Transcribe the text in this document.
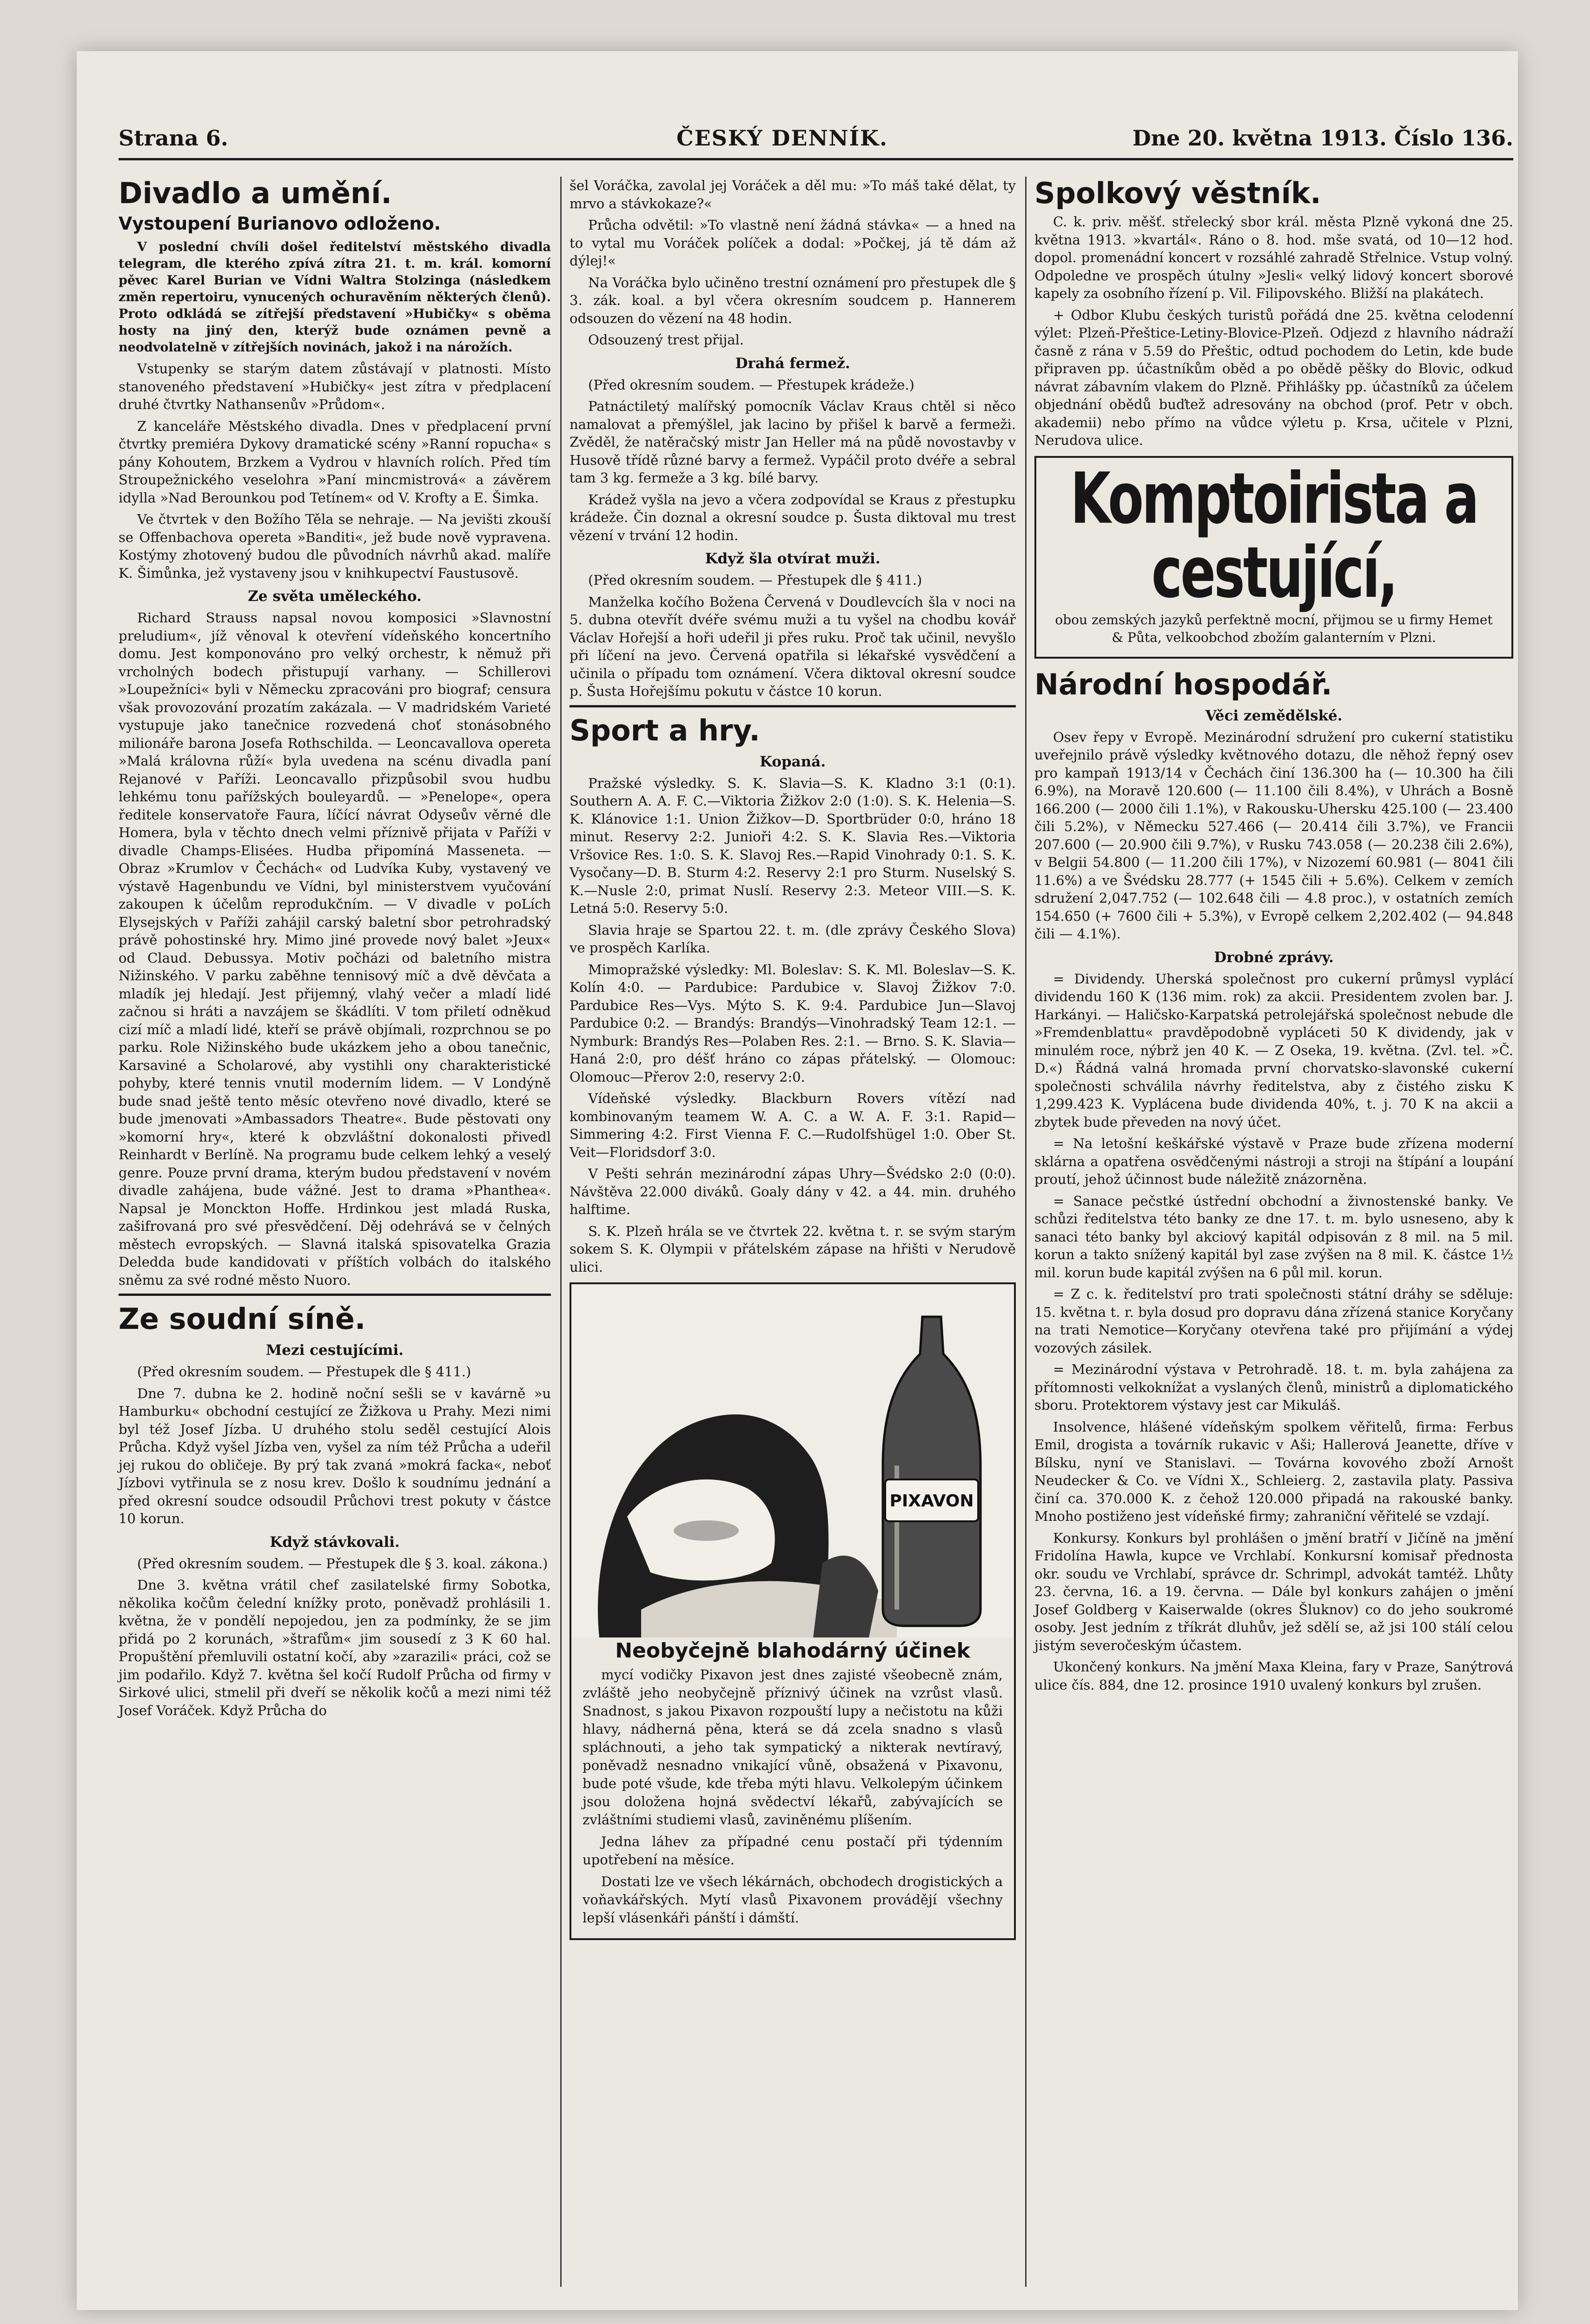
Strana 6.	ČESKÝ DENNÍK.	Dne 20. května 1913. Číslo 136.
Divadlo a umění.
Vystoupení Burianovo odloženo.

V poslední chvíli došel ředitelství městského divadla telegram, dle kterého zpívá zítra 21. t. m. král. komorní pěvec Karel Burian ve Vídni Waltra Stolzinga (následkem změn repertoiru, vynucených ochuravěním některých členů). Proto odkládá se zítřejší představení »Hubičky« s oběma hosty na jiný den, kterýž bude oznámen pevně a neodvolatelně v zítřejších novinách, jakož i na nárožích.

Vstupenky se starým datem zůstávají v platnosti. Místo stanoveného představení »Hubičky« jest zítra v předplacení druhé čtvrtky Nathansenův »Průdom«.

Z kanceláře Městského divadla. Dnes v předplacení první čtvrtky premiéra Dykovy dramatické scény »Ranní ropucha« s pány Kohoutem, Brzkem a Vydrou v hlavních rolích. Před tím Stroupežnického veselohra »Paní mincmistrová« a závěrem idylla »Nad Berounkou pod Tetínem« od V. Krofty a E. Šimka.

Ve čtvrtek v den Božího Těla se nehraje. — Na jevišti zkouší se Offenbachova opereta »Banditi«, jež bude nově vypravena. Kostýmy zhotovený budou dle původních návrhů akad. malíře K. Šimůnka, jež vystaveny jsou v knihkupectví Faustusově.

Ze světa uměleckého.

Richard Strauss napsal novou komposici »Slavnostní preludium«, jíž věnoval k otevření vídeňského koncertního domu. Jest komponováno pro velký orchestr, k němuž při vrcholných bodech přistupují varhany. — Schillerovi »Loupežníci« byli v Německu zpracováni pro biograf; censura však provozování prozatím zakázala. — V madridském Varieté vystupuje jako tanečnice rozvedená choť stonásobného milionáře barona Josefa Rothschilda. — Leoncavallova opereta »Malá královna růží« byla uvedena na scénu divadla paní Rejanové v Paříži. Leoncavallo přizpůsobil svou hudbu lehkému tonu pařížských bouleyardů. — »Penelope«, opera ředitele konservatoře Faura, líčící návrat Odyseův věrné dle Homera, byla v těchto dnech velmi příznivě přijata v Paříži v divadle Champs-Elisées. Hudba připomíná Masseneta. — Obraz »Krumlov v Čechách« od Ludvíka Kuby, vystavený ve výstavě Hagenbundu ve Vídni, byl ministerstvem vyučování zakoupen k účelům reprodukčním. — V divadle v poLích Elysejských v Paříži zahájil carský baletní sbor petrohradský právě pohostinské hry. Mimo jiné provede nový balet »Jeux« od Claud. Debussya. Motiv počházi od baletního mistra Nižinského. V parku zaběhne tennisový míč a dvě děvčata a mladík jej hledají. Jest přijemný, vlahý večer a mladí lidé začnou si hráti a navzájem se škádlíti. V tom přiletí odněkud cizí míč a mladí lidé, kteří se právě objímali, rozprchnou se po parku. Role Nižinského bude ukázkem jeho a obou tanečnic, Karsaviné a Scholarové, aby vystihli ony charakteristické pohyby, které tennis vnutil moderním lidem. — V Londýně bude snad ještě tento měsíc otevřeno nové divadlo, které se bude jmenovati »Ambassadors Theatre«. Bude pěstovati ony »komorní hry«, které k obzvláštní dokonalosti přivedl Reinhardt v Berlíně. Na programu bude celkem lehký a veselý genre. Pouze první drama, kterým budou představení v novém divadle zahájena, bude vážné. Jest to drama »Phantheа«. Napsal je Monckton Hoffe. Hrdinkou jest mladá Ruska, zašifrovaná pro své přesvědčení. Děj odehrává se v čelných městech evropských. — Slavná italská spisovatelka Grazia Deledda bude kandidovati v příštích volbách do italského sněmu za své rodné město Nuoro.

Ze soudní síně.
Mezi cestujícími.

(Před okresním soudem. — Přestupek dle § 411.)

Dne 7. dubna ke 2. hodině noční sešli se v kavárně »u Hamburku« obchodní cestující ze Žižkova u Prahy. Mezi nimi byl též Josef Jízba. U druhého stolu seděl cestující Alois Průcha. Když vyšel Jízba ven, vyšel za ním též Průcha a udeřil jej rukou do obličeje. By prý tak zvaná »mokrá facka«, neboť Jízbovi vytřinula se z nosu krev. Došlo k soudnímu jednání a před okresní soudce odsoudil Průchovi trest pokuty v částce 10 korun.

Když stávkovali.

(Před okresním soudem. — Přestupek dle § 3. koal. zákona.)

Dne 3. května vrátil chef zasilatelské firmy Sobotka, několika kočům čelední knížky proto, poněvadž prohlásili 1. května, že v pondělí nepojedou, jen za podmínky, že se jim přidá po 2 korunách, »štrafům« jim sousedí z 3 K 60 hal. Propuštění přemluvili ostatní kočí, aby »zarazili« práci, což se jim podařilo. Když 7. května šel kočí Rudolf Průcha od firmy v Sirkové ulici, stmelil při dveří se několik kočů a mezi nimi též Josef Voráček. Když Průcha do

šel Voráčka, zavolal jej Voráček a děl mu: »To máš také dělat, ty mrvo a stávkokaze?«

Průcha odvětil: »To vlastně není žádná stávka« — a hned na to vytal mu Voráček políček a dodal: »Počkej, já tě dám až dýlej!«

Na Voráčka bylo učiněno trestní oznámení pro přestupek dle § 3. zák. koal. a byl včera okresním soudcem p. Hannerem odsouzen do vězení na 48 hodin.

Odsouzený trest přijal.

Drahá fermež.

(Před okresním soudem. — Přestupek krádeže.)

Patnáctiletý malířský pomocník Václav Kraus chtěl si něco namalovat a přemýšlel, jak lacino by přišel k barvě a fermeži. Zvěděl, že natěračský mistr Jan Heller má na půdě novostavby v Husově třídě různé barvy a fermež. Vypáčil proto dvéře a sebral tam 3 kg. fermeže a 3 kg. bílé barvy.

Krádež vyšla na jevo a včera zodpovídal se Kraus z přestupku krádeže. Čin doznal a okresní soudce p. Šusta diktoval mu trest vězení v trvání 12 hodin.

Když šla otvírat muži.

(Před okresním soudem. — Přestupek dle § 411.)

Manželka kočího Božena Červená v Doudlevcích šla v noci na 5. dubna otevřít dvéře svému muži a tu vyšel na chodbu kovář Václav Hořejší a hoři udeřil ji přes ruku. Proč tak učinil, nevyšlo při líčení na jevo. Červená opatřila si lékařské vysvědčení a učinila o případu tom oznámení. Včera diktoval okresní soudce p. Šusta Hořejšímu pokutu v částce 10 korun.

Sport a hry.
Kopaná.

Pražské výsledky. S. K. Slavia—S. K. Kladno 3:1 (0:1). Southern A. A. F. C.—Viktoria Žižkov 2:0 (1:0). S. K. Helenia—S. K. Klánovice 1:1. Union Žižkov—D. Sportbrüder 0:0, hráno 18 minut. Reservy 2:2. Junioři 4:2. S. K. Slavia Res.—Viktoria Vršovice Res. 1:0. S. K. Slavoj Res.—Rapid Vinohrady 0:1. S. K. Vysočany—D. B. Sturm 4:2. Reservy 2:1 pro Sturm. Nuselský S. K.—Nusle 2:0, primat Nuslí. Reservy 2:3. Meteor VIII.—S. K. Letná 5:0. Reservy 5:0.

Slavia hraje se Spartou 22. t. m. (dle zprávy Českého Slova) ve prospěch Karlíka.

Mimopražské výsledky: Ml. Boleslav: S. K. Ml. Boleslav—S. K. Kolín 4:0. — Pardubice: Pardubice v. Slavoj Žižkov 7:0. Pardubice Res—Vys. Mýto S. K. 9:4. Pardubice Jun—Slavoj Pardubice 0:2. — Brandýs: Brandýs—Vinohradský Team 12:1. — Nymburk: Brandýs Res—Polaben Res. 2:1. — Brno. S. K. Slavia—Haná 2:0, pro déšť hráno co zápas přátelský. — Olomouc: Olomouc—Přerov 2:0, reservy 2:0.

Vídeňské výsledky. Blackburn Rovers vítězí nad kombinovaným teamem W. A. C. a W. A. F. 3:1. Rapid—Simmering 4:2. First Vienna F. C.—Rudolfshügel 1:0. Ober St. Veit—Floridsdorf 3:0.

V Pešti sehrán mezinárodní zápas Uhry—Švédsko 2:0 (0:0). Návštěva 22.000 diváků. Goaly dány v 42. a 44. min. druhého halftime.

S. K. Plzeň hrála se ve čtvrtek 22. května t. r. se svým starým sokem S. K. Olympii v přátelském zápase na hřišti v Nerudově ulici.

PIXAVON
Neobyčejně blahodárný účinek

mycí vodičky Pixavon jest dnes zajisté všeobecně znám, zvláště jeho neobyčejně příznivý účinek na vzrůst vlasů. Snadnost, s jakou Pixavon rozpouští lupy a nečistotu na kůži hlavy, nádherná pěna, která se dá zcela snadno s vlasů spláchnouti, a jeho tak sympatický a nikterak nevtíravý, poněvadž nesnadno vnikající vůně, obsažená v Pixavonu, bude poté všude, kde třeba mýti hlavu. Velkolepým účinkem jsou doložena hojná svědectví lékařů, zabývajících se zvláštními studiemi vlasů, zaviněnému plíšením.

Jedna láhev za případné cenu postačí při týdenním upotřebení na měsíce.

Dostati lze ve všech lékárnách, obchodech drogistických a voňavkářských. Mytí vlasů Pixavonem provádějí všechny lepší vlásenkáři pánští i dámští.

Spolkový věstník.

C. k. priv. měšť. střelecký sbor král. města Plzně vykoná dne 25. května 1913. »kvartál«. Ráno o 8. hod. mše svatá, od 10—12 hod. dopol. promenádní koncert v rozsáhlé zahradě Střelnice. Vstup volný. Odpoledne ve prospěch útulny »Jesli« velký lidový koncert sborové kapely za osobního řízení p. Vil. Filipovského. Bližší na plakátech.

+ Odbor Klubu českých turistů pořádá dne 25. května celodenní výlet: Plzeň-Přeštice-Letiny-Blovice-Plzeň. Odjezd z hlavního nádraží časně z rána v 5.59 do Přeštic, odtud pochodem do Letin, kde bude připraven pp. účastníkům oběd a po obědě pěšky do Blovic, odkud návrat zábavním vlakem do Plzně. Přihlášky pp. účastníků za účelem objednání obědů buďtež adresovány na obchod (prof. Petr v obch. akademii) nebo přímo na vůdce výletu p. Krsa, učitele v Plzni, Nerudova ulice.

Komptoirista a cestující,
obou zemských jazyků perfektně mocní, přijmou se u firmy Hemet & Půta, velkoobchod zbožím galanterním v Plzni.
Národní hospodář.
Věci zemědělské.

Osev řepy v Evropě. Mezinárodní sdružení pro cukerní statistiku uveřejnilo právě výsledky květnového dotazu, dle něhož řepný osev pro kampaň 1913/14 v Čechách činí 136.300 ha (— 10.300 ha čili 6.9%), na Moravě 120.600 (— 11.100 čili 8.4%), v Uhrách a Bosně 166.200 (— 2000 čili 1.1%), v Rakousku-Uhersku 425.100 (— 23.400 čili 5.2%), v Německu 527.466 (— 20.414 čili 3.7%), ve Francii 207.600 (— 20.900 čili 9.7%), v Rusku 743.058 (— 20.238 čili 2.6%), v Belgii 54.800 (— 11.200 čili 17%), v Nizozemí 60.981 (— 8041 čili 11.6%) a ve Švédsku 28.777 (+ 1545 čili + 5.6%). Celkem v zemích sdružení 2,047.752 (— 102.648 čili — 4.8 proc.), v ostatních zemích 154.650 (+ 7600 čili + 5.3%), v Evropě celkem 2,202.402 (— 94.848 čili — 4.1%).

Drobné zprávy.

= Dividendy. Uherská společnost pro cukerní průmysl vyplácí dividendu 160 K (136 mim. rok) za akcii. Presidentem zvolen bar. J. Harkányi. — Haličsko-Karpatská petrolejářská společnost nebude dle »Fremdenblattu« pravděpodobně vypláceti 50 K dividendy, jak v minulém roce, nýbrž jen 40 K. — Z Oseka, 19. května. (Zvl. tel. »Č. D.«) Řádná valná hromada první chorvatsko-slavonské cukerní společnosti schválila návrhy ředitelstva, aby z čistého zisku K 1,299.423 K. Vyplácena bude dividenda 40%, t. j. 70 K na akcii a zbytek bude převeden na nový účet.

= Na letošní keškářské výstavě v Praze bude zřízena moderní sklárna a opatřena osvědčenými nástroji a stroji na štípání a loupání proutí, jehož účinnost bude náležitě znázorněna.

= Sanace pečstké ústřední obchodní a živnostenské banky. Ve schůzi ředitelstva této banky ze dne 17. t. m. bylo usneseno, aby k sanaci této banky byl akciový kapitál odpisován z 8 mil. na 5 mil. korun a takto snížený kapitál byl zase zvýšen na 8 mil. K. částce 1½ mil. korun bude kapitál zvýšen na 6 půl mil. korun.

= Z c. k. ředitelství pro trati společnosti státní dráhy se sděluje: 15. května t. r. byla dosud pro dopravu dána zřízená stanice Koryčany na trati Nemotice—Koryčany otevřena také pro přijímání a výdej vozových zásilek.

= Mezinárodní výstava v Petrohradě. 18. t. m. byla zahájena za přítomnosti velkoknížat a vyslaných členů, ministrů a diplomatického sboru. Protektorem výstavy jest car Mikuláš.

Insolvence, hlášené vídeňským spolkem věřitelů, firma: Ferbus Emil, drogista a továrník rukavic v Aši; Hallerová Jeanette, dříve v Bílsku, nyní ve Stanislavi. — Továrna kovového zboží Arnošt Neudecker & Co. ve Vídni X., Schleierg. 2, zastavila platy. Passiva činí ca. 370.000 K. z čehož 120.000 připadá na rakouské banky. Mnoho postiženo jest vídeňské firmy; zahraniční věřitelé se vzdají.

Konkursy. Konkurs byl prohlášen o jmění bratří v Jičíně na jmění Fridolína Hawla, kupce ve Vrchlabí. Konkursní komisař přednosta okr. soudu ve Vrchlabí, správce dr. Schrimpl, advokát tamtéž. Lhůty 23. června, 16. a 19. června. — Dále byl konkurs zahájen o jmění Josef Goldberg v Kaiserwalde (okres Šluknov) co do jeho soukromé osoby. Jest jedním z tříkrát dluhův, jež sdělí se, až jsi 100 stálí celou jistým severočeským účastem.

Ukončený konkurs. Na jmění Maxa Kleina, fary v Praze, Sanýtrová ulice čís. 884, dne 12. prosince 1910 uvalený konkurs byl zrušen.
